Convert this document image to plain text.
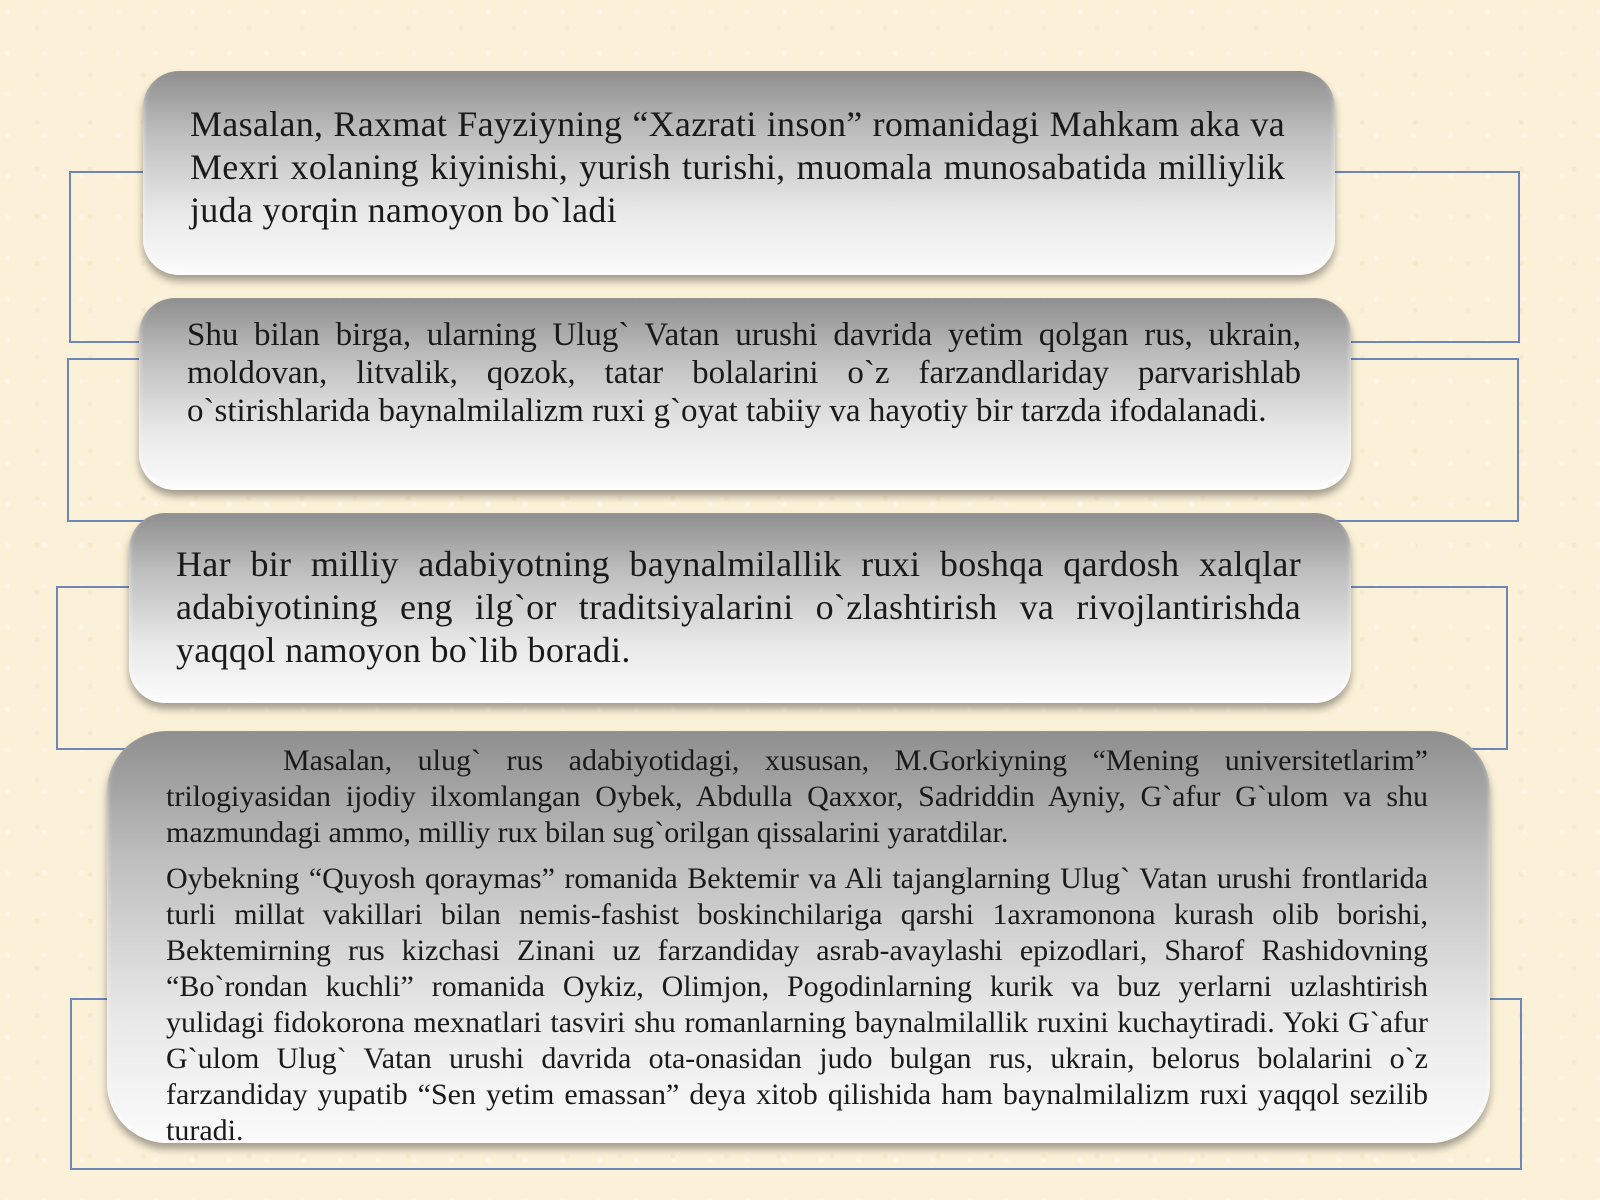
Masalan, Raxmat Fayziyning “Xazrati inson” romanidagi Mahkam aka va Mexri xolaning kiyinishi, yurish turishi, muomala munosabatida milliylik juda yorqin namoyon bo`ladi

Shu bilan birga, ularning Ulug` Vatan urushi davrida yetim qolgan rus, ukrain, moldovan, litvalik, qozok, tatar bolalarini o`z farzandlariday parvarishlab o`stirishlarida baynalmilalizm ruxi g`oyat tabiiy va hayotiy bir tarzda ifodalanadi.

Har bir milliy adabiyotning baynalmilallik ruxi boshqa qardosh xalqlar adabiyotining eng ilg`or traditsiyalarini o`zlashtirish va rivojlantirishda yaqqol namoyon bo`lib boradi.

Masalan, ulug` rus adabiyotidagi, xususan, M.Gorkiyning “Mening universitetlarim” trilogiyasidan ijodiy ilxomlangan Oybek, Abdulla Qaxxor, Sadriddin Ayniy, G`afur G`ulom va shu mazmundagi ammo, milliy rux bilan sug`orilgan qissalarini yaratdilar.

Oybekning “Quyosh qoraymas” romanida Bektemir va Ali tajanglarning Ulug` Vatan urushi frontlarida turli millat vakillari bilan nemis-fashist boskinchilariga qarshi 1axramonona kurash olib borishi, Bektemirning rus kizchasi Zinani uz farzandiday asrab-avaylashi epizodlari, Sharof Rashidovning “Bo`rondan kuchli” romanida Oykiz, Olimjon, Pogodinlarning kurik va buz yerlarni uzlashtirish yulidagi fidokorona mexnatlari tasviri shu romanlarning baynalmilallik ruxini kuchaytiradi. Yoki G`afur G`ulom Ulug` Vatan urushi davrida ota-onasidan judo bulgan rus, ukrain, belorus bolalarini o`z farzandiday yupatib “Sen yetim emassan” deya xitob qilishida ham baynalmilalizm ruxi yaqqol sezilib turadi.
